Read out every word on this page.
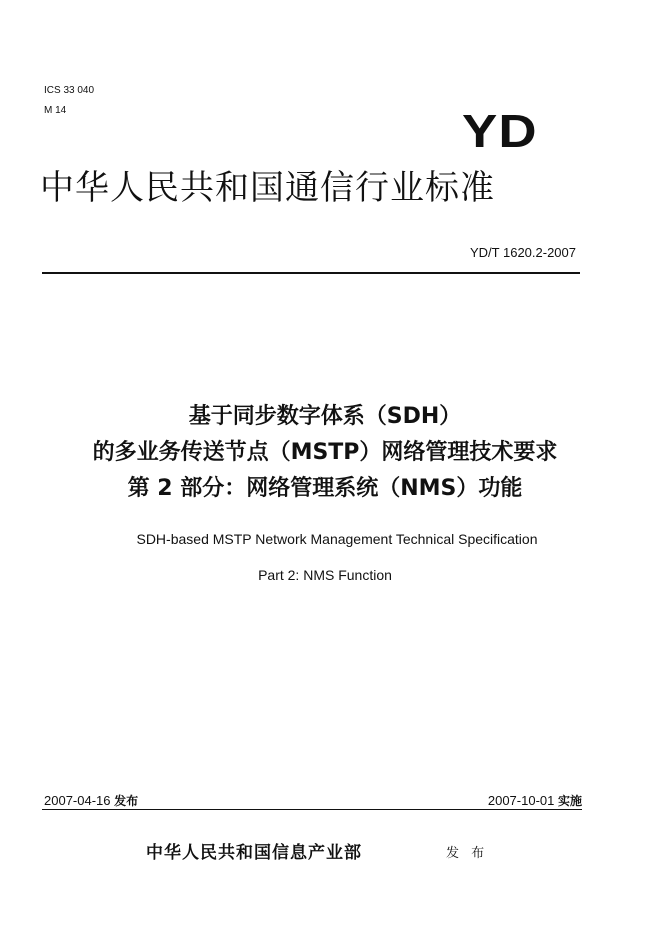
ICS 33 040
M 14	YD
中华人民共和国通信行业标准
YD/T 1620.2-2007
基于同步数字体系（SDH）
的多业务传送节点（MSTP）网络管理技术要求
第 2 部分：网络管理系统（NMS）功能
SDH-based MSTP Network Management Technical Specification
Part 2: NMS Function
2007-04-16 发布	2007-10-01 实施
中华人民共和国信息产业部	发 布
